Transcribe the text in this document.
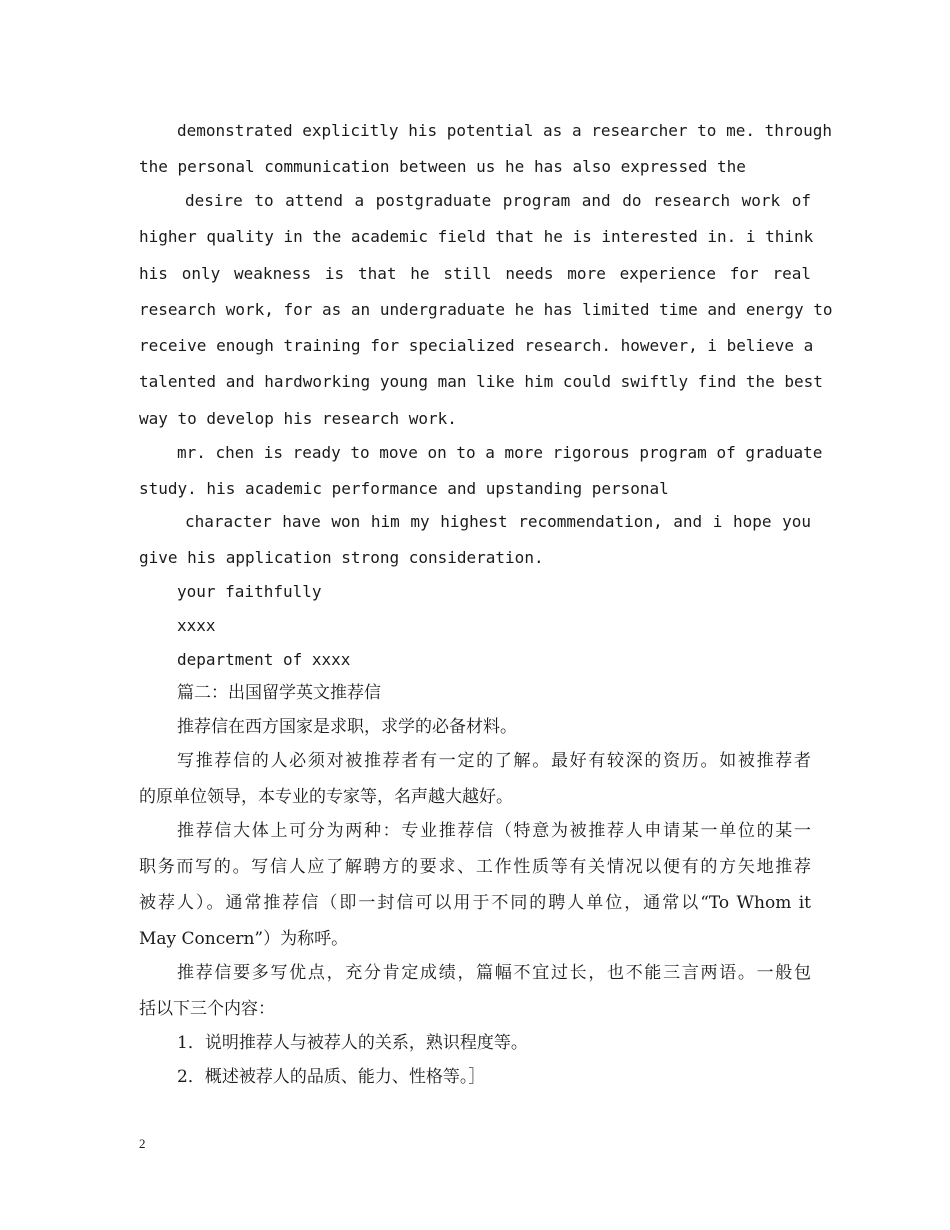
demonstrated explicitly his potential as a researcher to me. through
the personal communication between us he has also expressed the
desire to attend a postgraduate program and do research work of
higher quality in the academic field that he is interested in. i think
his only weakness is that he still needs more experience for real
research work, for as an undergraduate he has limited time and energy to
receive enough training for specialized research. however, i believe a
talented and hardworking young man like him could swiftly find the best
way to develop his research work.
mr. chen is ready to move on to a more rigorous program of graduate
study. his academic performance and upstanding personal
character have won him my highest recommendation, and i hope you
give his application strong consideration.
your faithfully
xxxx
department of xxxx
篇二：出国留学英文推荐信
推荐信在西方国家是求职，求学的必备材料。
写推荐信的人必须对被推荐者有一定的了解。最好有较深的资历。如被推荐者
的原单位领导，本专业的专家等，名声越大越好。
推荐信大体上可分为两种：专业推荐信（特意为被推荐人申请某一单位的某一
职务而写的。写信人应了解聘方的要求、工作性质等有关情况以便有的方矢地推荐
被荐人）。通常推荐信（即一封信可以用于不同的聘人单位，通常以“To Whom it
May Concern”）为称呼。
推荐信要多写优点，充分肯定成绩，篇幅不宜过长，也不能三言两语。一般包
括以下三个内容：
1．说明推荐人与被荐人的关系，熟识程度等。
2．概述被荐人的品质、能力、性格等。］
2
